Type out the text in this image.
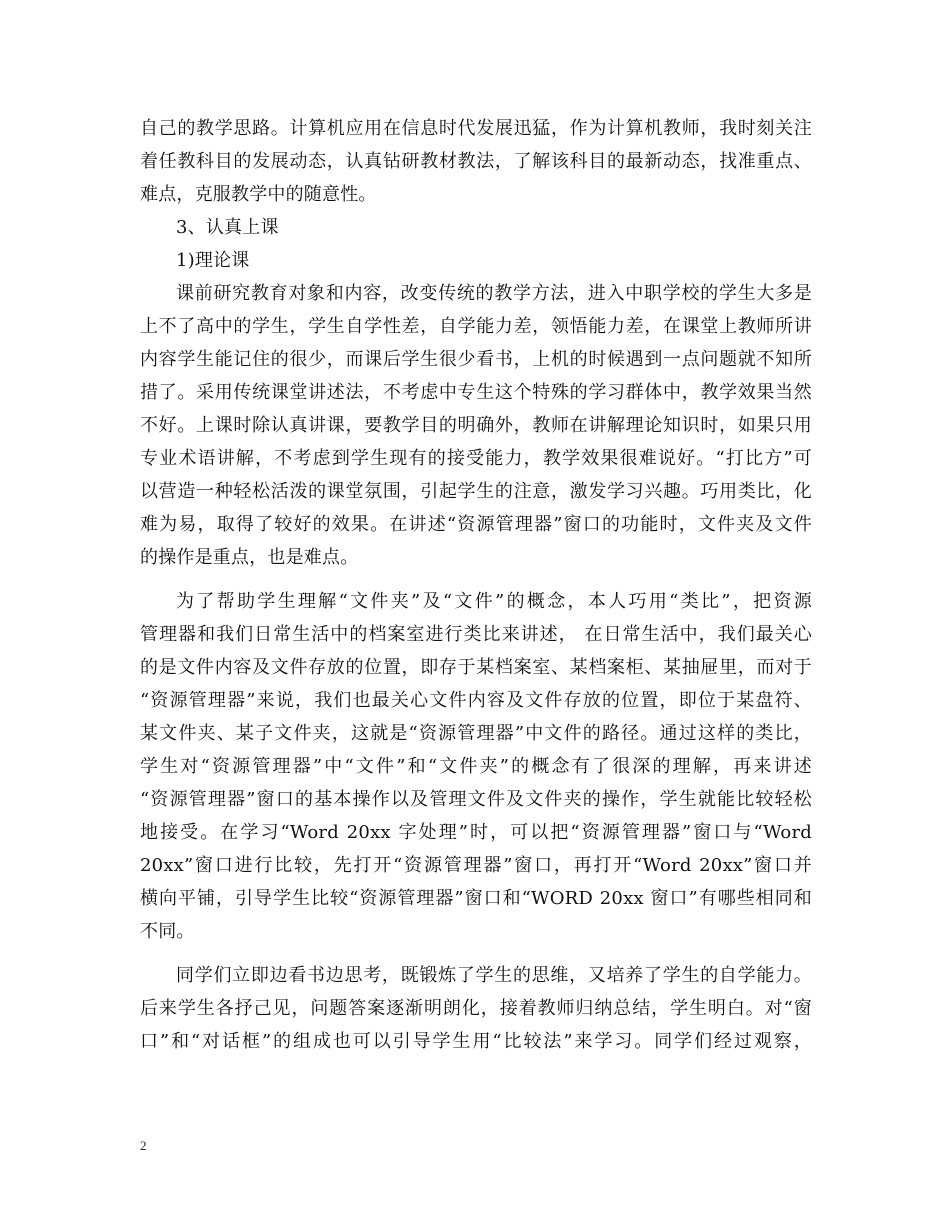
自己的教学思路。计算机应用在信息时代发展迅猛，作为计算机教师，我时刻关注
着任教科目的发展动态，认真钻研教材教法，了解该科目的最新动态，找准重点、
难点，克服教学中的随意性。
3、认真上课
1)理论课
课前研究教育对象和内容，改变传统的教学方法，进入中职学校的学生大多是
上不了高中的学生，学生自学性差，自学能力差，领悟能力差，在课堂上教师所讲
内容学生能记住的很少，而课后学生很少看书，上机的时候遇到一点问题就不知所
措了。采用传统课堂讲述法，不考虑中专生这个特殊的学习群体中，教学效果当然
不好。上课时除认真讲课，要教学目的明确外，教师在讲解理论知识时，如果只用
专业术语讲解，不考虑到学生现有的接受能力，教学效果很难说好。“打比方”可
以营造一种轻松活泼的课堂氛围，引起学生的注意，激发学习兴趣。巧用类比，化
难为易，取得了较好的效果。在讲述“资源管理器”窗口的功能时，文件夹及文件
的操作是重点，也是难点。
为了帮助学生理解“文件夹”及“文件”的概念，本人巧用“类比”，把资源
管理器和我们日常生活中的档案室进行类比来讲述， 在日常生活中，我们最关心
的是文件内容及文件存放的位置，即存于某档案室、某档案柜、某抽屉里，而对于
“资源管理器”来说，我们也最关心文件内容及文件存放的位置，即位于某盘符、
某文件夹、某子文件夹，这就是“资源管理器”中文件的路径。通过这样的类比，
学生对“资源管理器”中“文件”和“文件夹”的概念有了很深的理解，再来讲述
“资源管理器”窗口的基本操作以及管理文件及文件夹的操作，学生就能比较轻松
地接受。在学习“Word 20xx 字处理”时，可以把“资源管理器”窗口与“Word
20xx”窗口进行比较，先打开“资源管理器”窗口，再打开“Word 20xx”窗口并
横向平铺，引导学生比较“资源管理器”窗口和“WORD 20xx 窗口”有哪些相同和
不同。
同学们立即边看书边思考，既锻炼了学生的思维，又培养了学生的自学能力。
后来学生各抒己见，问题答案逐渐明朗化，接着教师归纳总结，学生明白。对“窗
口”和“对话框”的组成也可以引导学生用“比较法”来学习。同学们经过观察，
2
